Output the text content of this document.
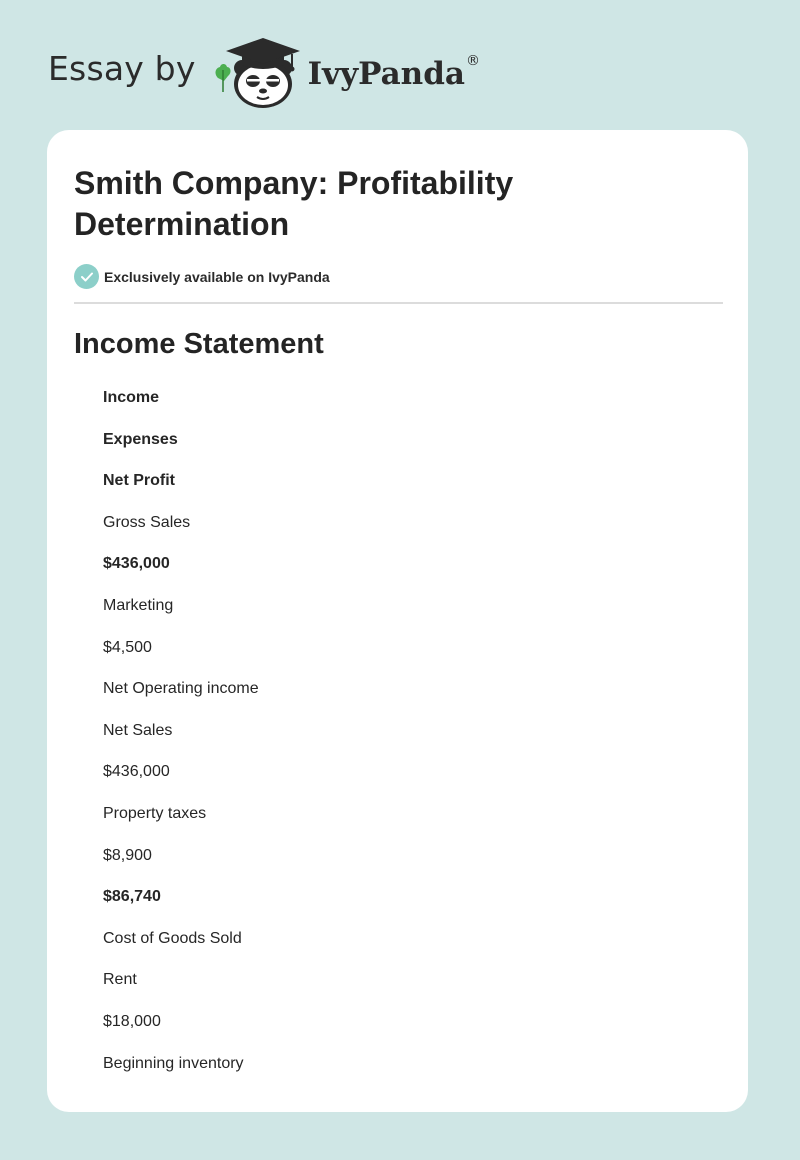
Essay by	IvyPanda ®
Smith Company: Profitability Determination
Exclusively available on IvyPanda
Income Statement
Income
Expenses
Net Profit
Gross Sales
$436,000
Marketing
$4,500
Net Operating income
Net Sales
$436,000
Property taxes
$8,900
$86,740
Cost of Goods Sold
Rent
$18,000
Beginning inventory
